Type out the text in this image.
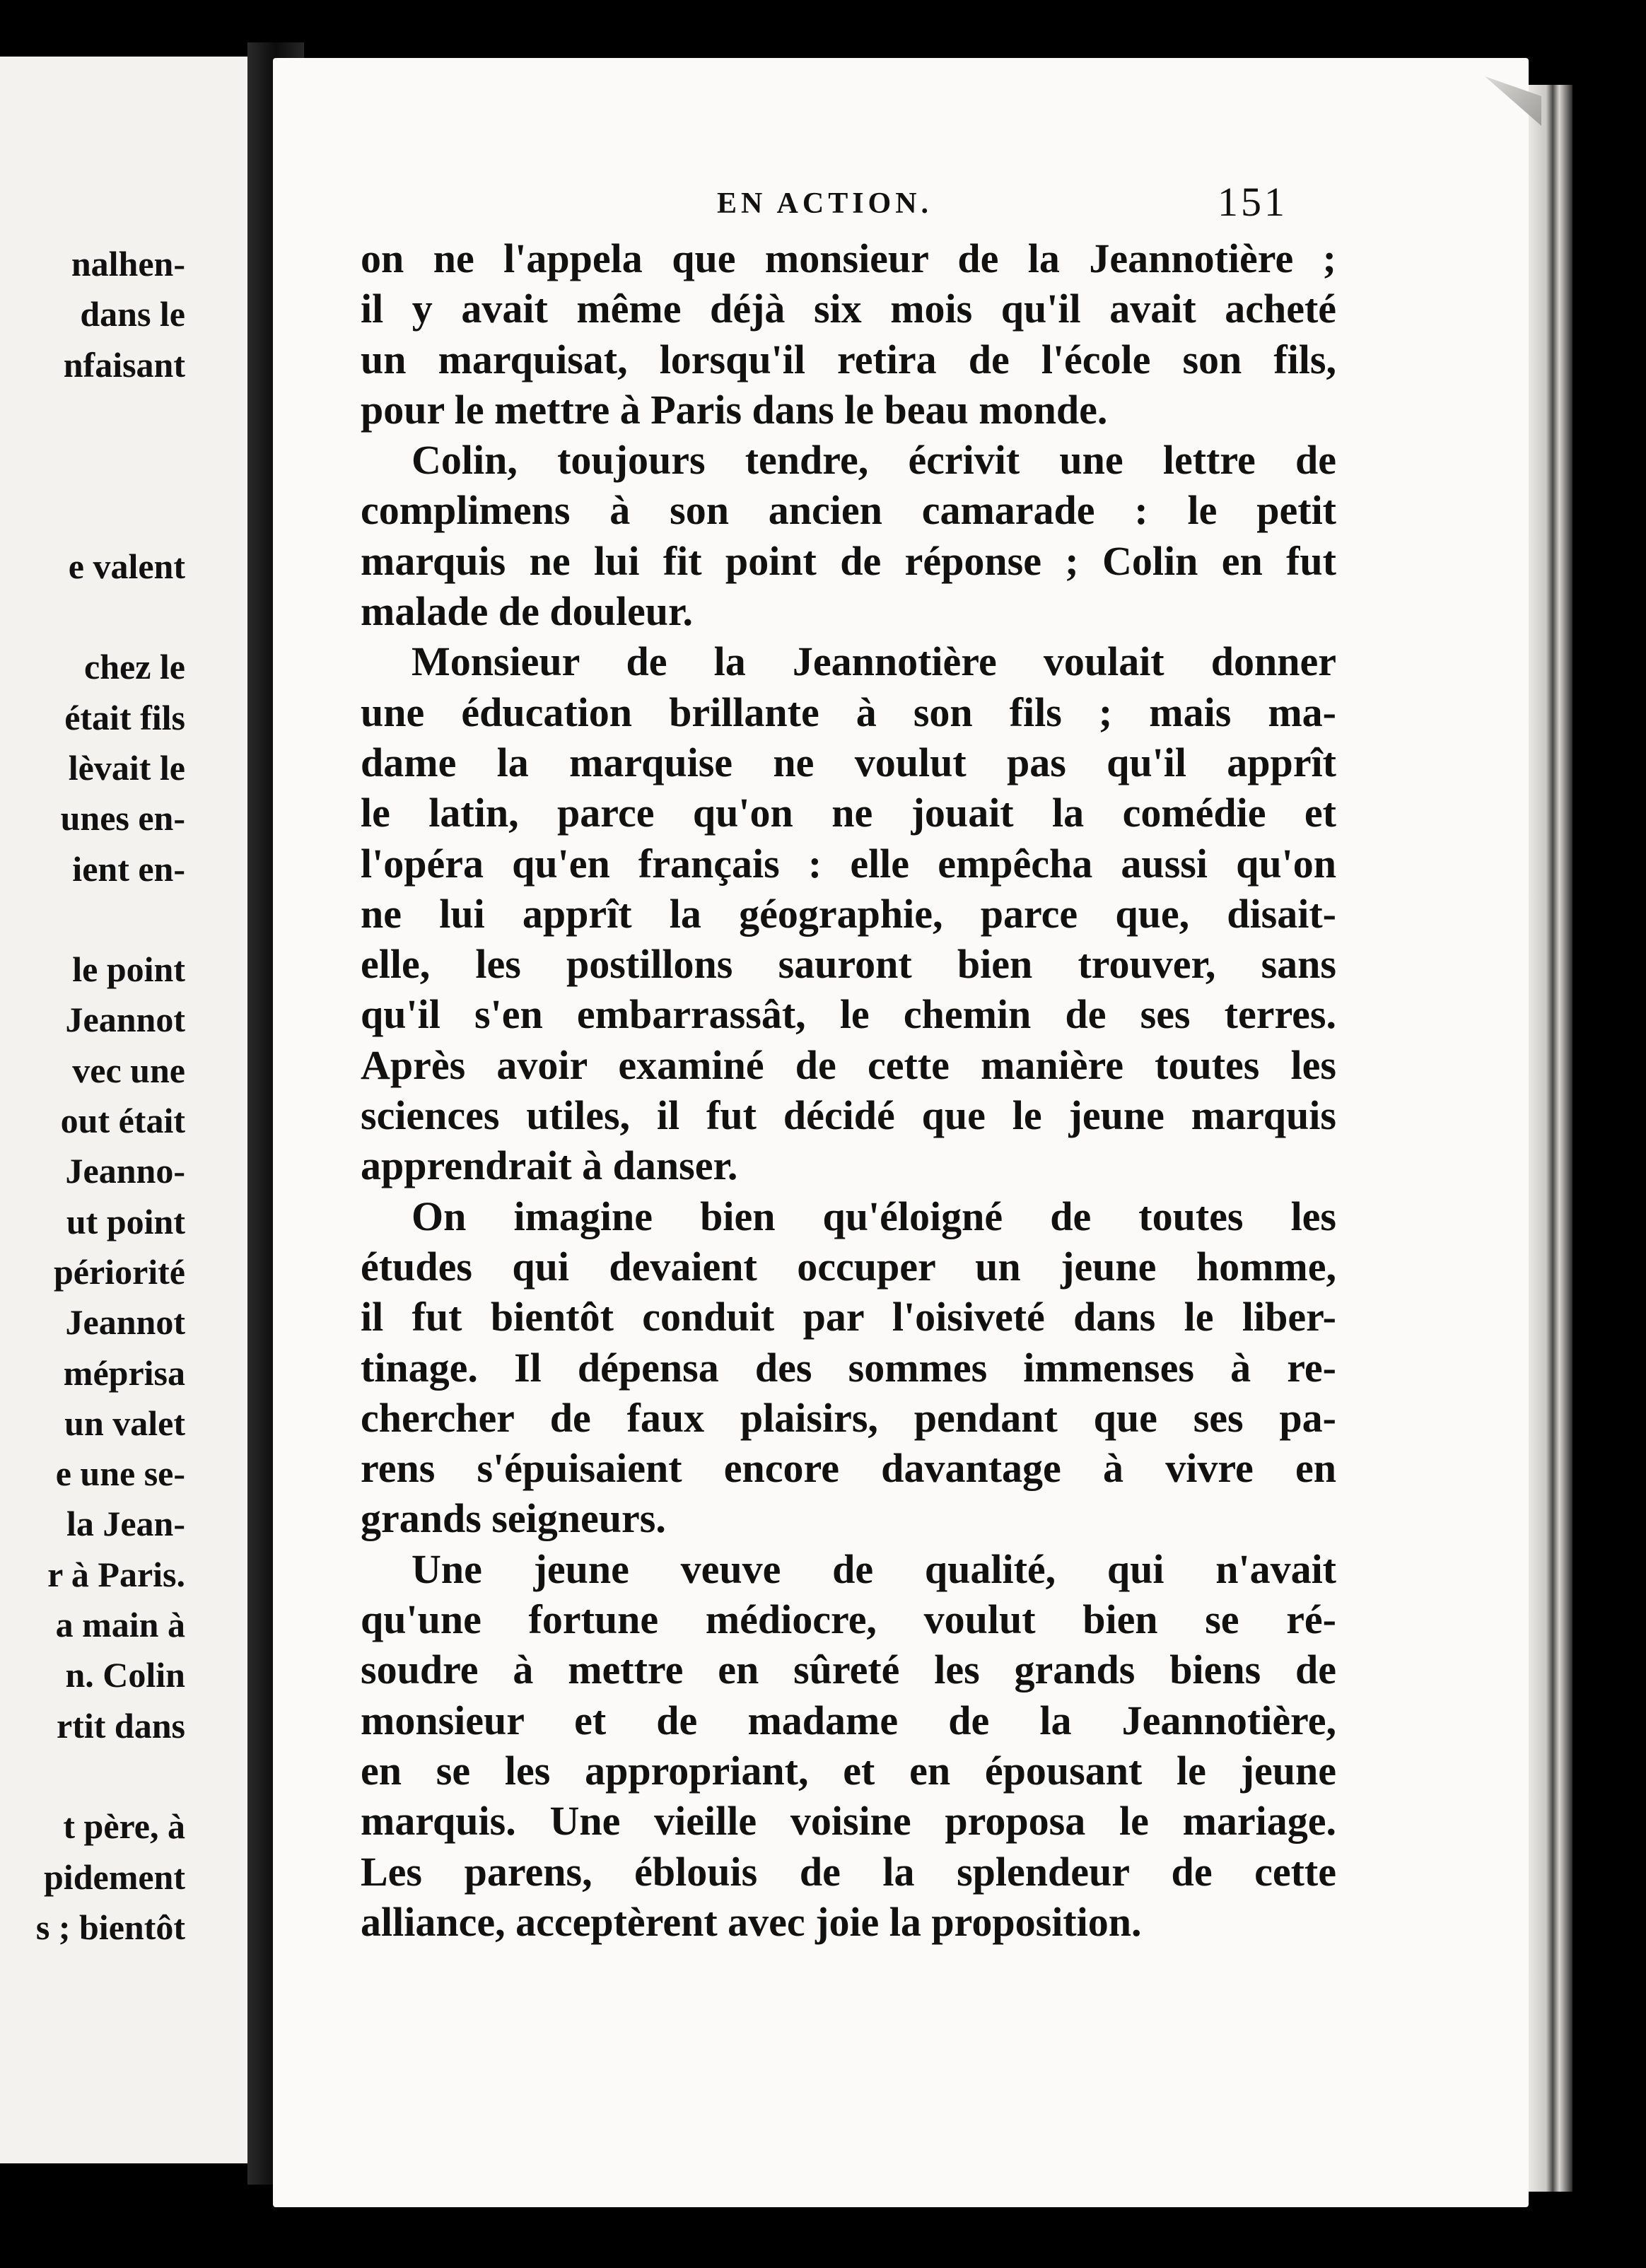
nalhen-
dans le
nfaisant

e valent

chez le
était fils
lèvait le
unes en-
ient en-

le point
Jeannot
vec une
out était
Jeanno-
ut point
périorité
Jeannot
méprisa
un valet
e une se-
la Jean-
r à Paris.
a main à
n. Colin
rtit dans

t père, à
pidement
s ; bientôt
EN ACTION.	151
on ne l'appela que monsieur de la Jeannotière ;
il y avait même déjà six mois qu'il avait acheté
un marquisat, lorsqu'il retira de l'école son fils,
pour le mettre à Paris dans le beau monde.
Colin, toujours tendre, écrivit une lettre de
complimens à son ancien camarade : le petit
marquis ne lui fit point de réponse ; Colin en fut
malade de douleur.
Monsieur de la Jeannotière voulait donner
une éducation brillante à son fils ; mais ma-
dame la marquise ne voulut pas qu'il apprît
le latin, parce qu'on ne jouait la comédie et
l'opéra qu'en français : elle empêcha aussi qu'on
ne lui apprît la géographie, parce que, disait-
elle, les postillons sauront bien trouver, sans
qu'il s'en embarrassât, le chemin de ses terres.
Après avoir examiné de cette manière toutes les
sciences utiles, il fut décidé que le jeune marquis
apprendrait à danser.
On imagine bien qu'éloigné de toutes les
études qui devaient occuper un jeune homme,
il fut bientôt conduit par l'oisiveté dans le liber-
tinage. Il dépensa des sommes immenses à re-
chercher de faux plaisirs, pendant que ses pa-
rens s'épuisaient encore davantage à vivre en
grands seigneurs.
Une jeune veuve de qualité, qui n'avait
qu'une fortune médiocre, voulut bien se ré-
soudre à mettre en sûreté les grands biens de
monsieur et de madame de la Jeannotière,
en se les appropriant, et en épousant le jeune
marquis. Une vieille voisine proposa le mariage.
Les parens, éblouis de la splendeur de cette
alliance, acceptèrent avec joie la proposition.
